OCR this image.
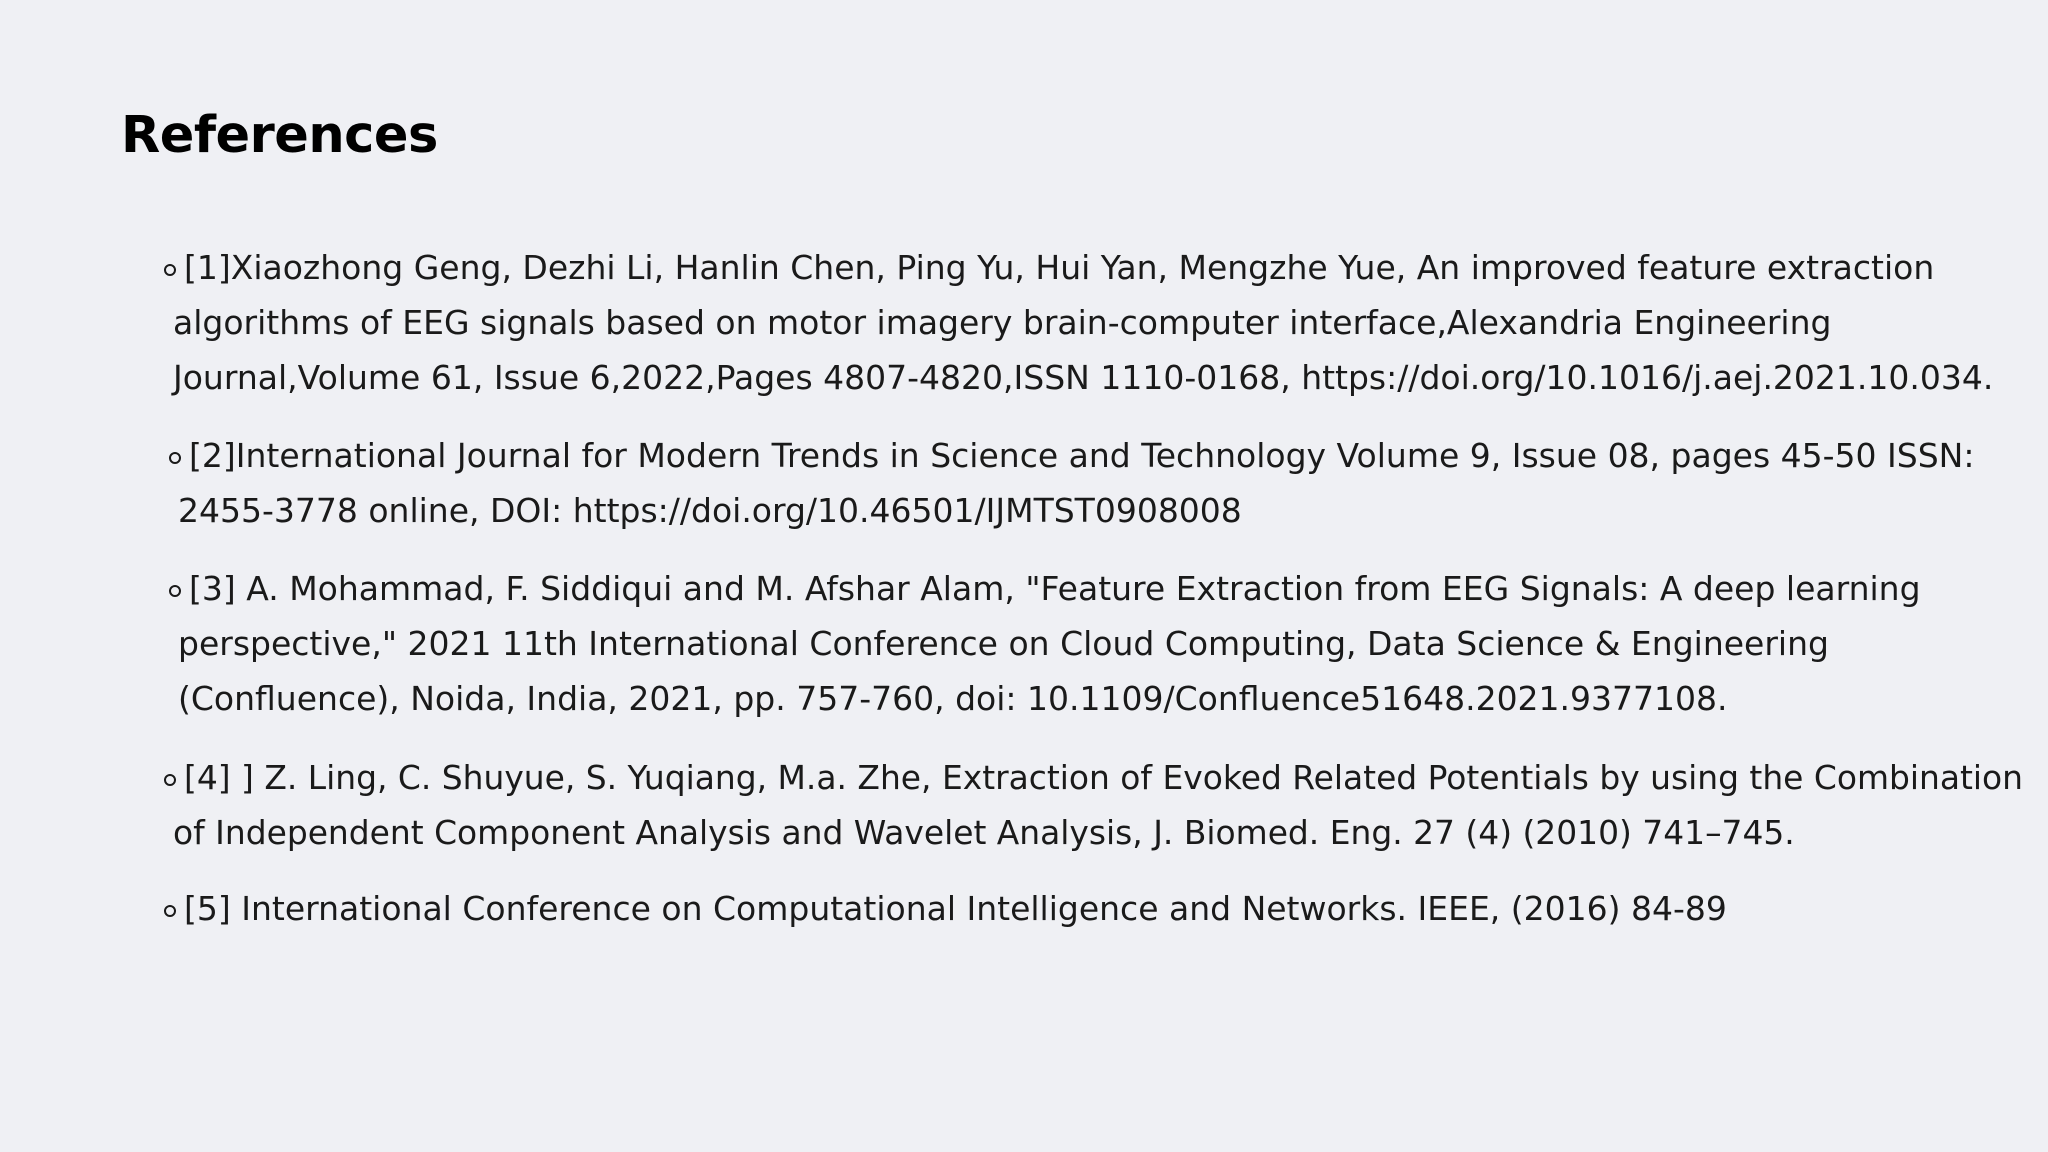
References
[1]Xiaozhong Geng, Dezhi Li, Hanlin Chen, Ping Yu, Hui Yan, Mengzhe Yue, An improved feature extraction
algorithms of EEG signals based on motor imagery brain-computer interface,Alexandria Engineering
Journal,Volume 61, Issue 6,2022,Pages 4807-4820,ISSN 1110-0168, https://doi.org/10.1016/j.aej.2021.10.034.
[2]International Journal for Modern Trends in Science and Technology Volume 9, Issue 08, pages 45-50 ISSN:
2455-3778 online, DOI: https://doi.org/10.46501/IJMTST0908008
[3] A. Mohammad, F. Siddiqui and M. Afshar Alam, "Feature Extraction from EEG Signals: A deep learning
perspective," 2021 11th International Conference on Cloud Computing, Data Science & Engineering
(Confluence), Noida, India, 2021, pp. 757-760, doi: 10.1109/Confluence51648.2021.9377108.
[4] ] Z. Ling, C. Shuyue, S. Yuqiang, M.a. Zhe, Extraction of Evoked Related Potentials by using the Combination
of Independent Component Analysis and Wavelet Analysis, J. Biomed. Eng. 27 (4) (2010) 741–745.
[5] International Conference on Computational Intelligence and Networks. IEEE, (2016) 84-89
